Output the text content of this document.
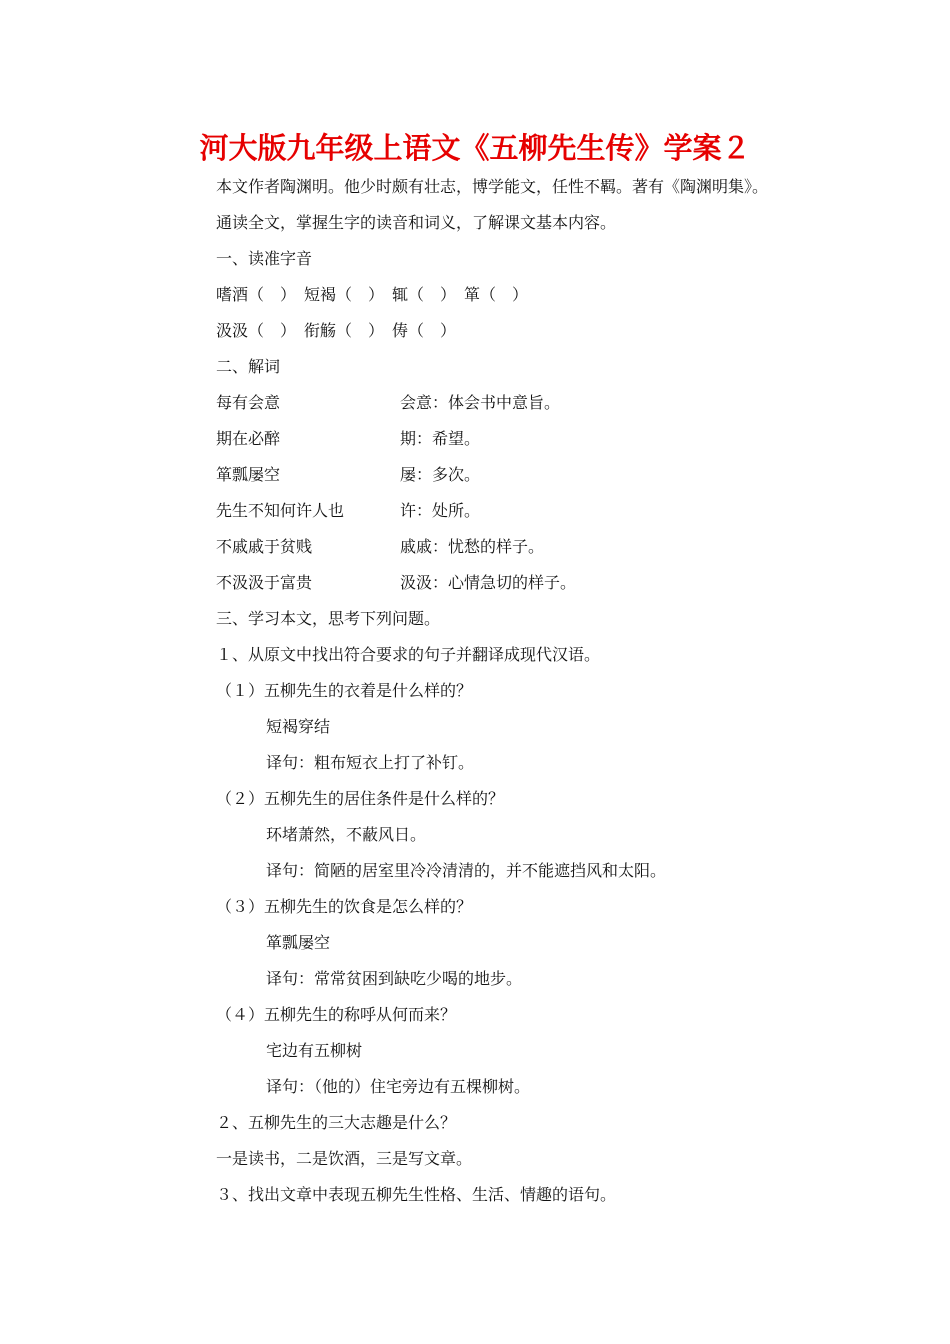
河大版九年级上语文《五柳先生传》学案２
本文作者陶渊明。他少时颇有壮志，博学能文，任性不羁。著有《陶渊明集》。
通读全文，掌握生字的读音和词义，了解课文基本内容。
一、读准字音
嗜酒（　）　短褐（　）　辄（　）　箪（　）
汲汲（　）　衔觞（　）　俦（　）
二、解词
每有会意	会意：体会书中意旨。
期在必醉	期：希望。
箪瓢屡空	屡：多次。
先生不知何许人也	许：处所。
不戚戚于贫贱	戚戚：忧愁的样子。
不汲汲于富贵	汲汲：心情急切的样子。
三、学习本文，思考下列问题。
１、从原文中找出符合要求的句子并翻译成现代汉语。
（１）五柳先生的衣着是什么样的？
短褐穿结
译句：粗布短衣上打了补钉。
（２）五柳先生的居住条件是什么样的？
环堵萧然，不蔽风日。
译句：简陋的居室里冷冷清清的，并不能遮挡风和太阳。
（３）五柳先生的饮食是怎么样的？
箪瓢屡空
译句：常常贫困到缺吃少喝的地步。
（４）五柳先生的称呼从何而来？
宅边有五柳树
译句：（他的）住宅旁边有五棵柳树。
２、五柳先生的三大志趣是什么？
一是读书，二是饮酒，三是写文章。
３、找出文章中表现五柳先生性格、生活、情趣的语句。
